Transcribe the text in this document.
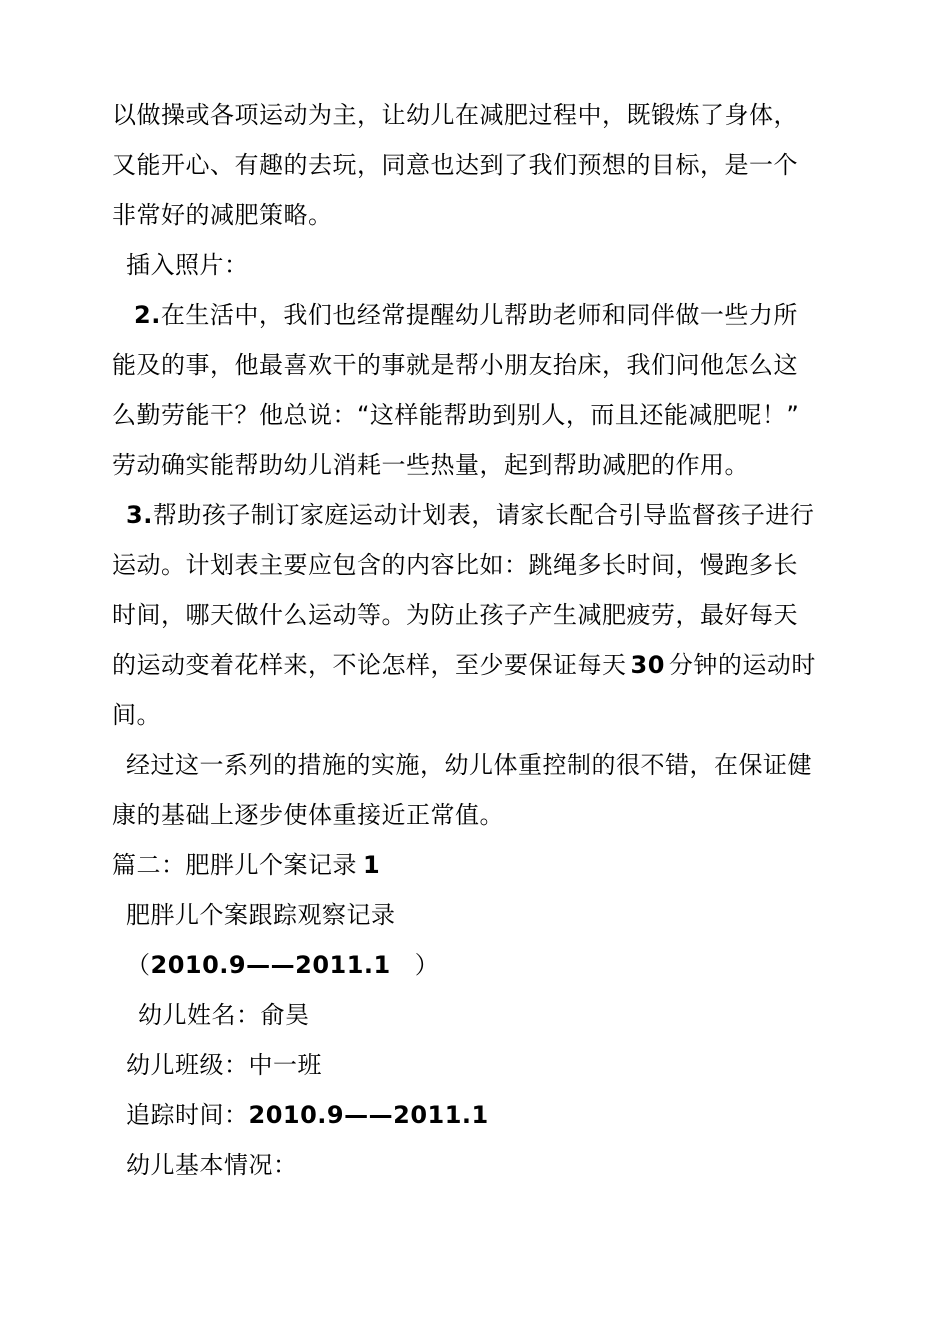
以做操或各项运动为主，让幼儿在减肥过程中，既锻炼了身体，
又能开心、有趣的去玩，同意也达到了我们预想的目标，是一个
非常好的减肥策略。
插入照片：
2.在生活中，我们也经常提醒幼儿帮助老师和同伴做一些力所
能及的事，他最喜欢干的事就是帮小朋友抬床，我们问他怎么这
么勤劳能干？他总说：“这样能帮助到别人，而且还能减肥呢！”
劳动确实能帮助幼儿消耗一些热量，起到帮助减肥的作用。
3.帮助孩子制订家庭运动计划表，请家长配合引导监督孩子进行
运动。计划表主要应包含的内容比如：跳绳多长时间，慢跑多长
时间，哪天做什么运动等。为防止孩子产生减肥疲劳，最好每天
的运动变着花样来，不论怎样，至少要保证每天 30 分钟的运动时
间。
经过这一系列的措施的实施，幼儿体重控制的很不错，在保证健
康的基础上逐步使体重接近正常值。
篇二：肥胖儿个案记录 1
肥胖儿个案跟踪观察记录
（2010.9——2011.1 ）
幼儿姓名：俞昊
幼儿班级：中一班
追踪时间：2010.9——2011.1
幼儿基本情况：
